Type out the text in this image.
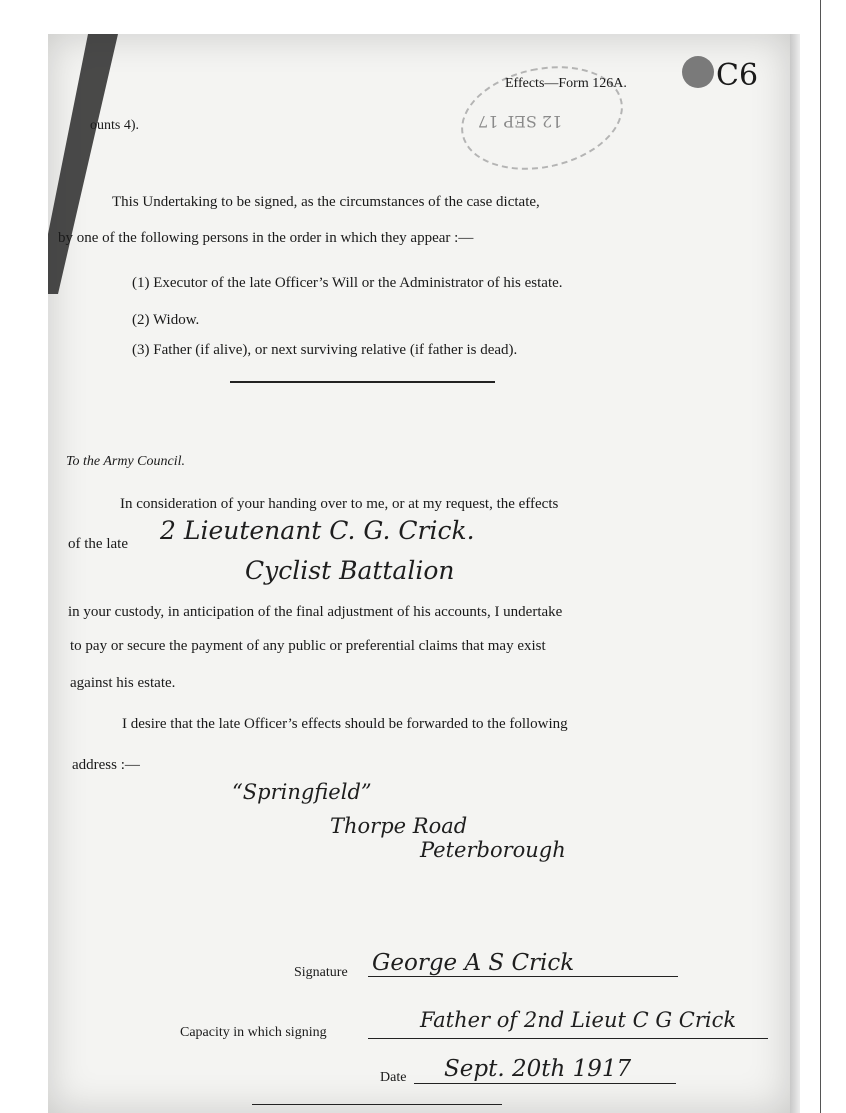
12 SEP 17
Effects—Form 126A.	C6
ounts 4).
This Undertaking to be signed, as the circumstances of the case dictate,
by one of the following persons in the order in which they appear :—
(1) Executor of the late Officer’s Will or the Administrator of his estate.
(2) Widow.
(3) Father (if alive), or next surviving relative (if father is dead).
To the Army Council.
In consideration of your handing over to me, or at my request, the effects
of the late 2 Lieutenant C. G. Crick.
Cyclist Battalion
in your custody, in anticipation of the final adjustment of his accounts, I undertake
to pay or secure the payment of any public or preferential claims that may exist
against his estate.
I desire that the late Officer’s effects should be forwarded to the following
address :—
“Springfield”
Thorpe Road
Peterborough
Signature George A S Crick
Capacity in which signing
Father of 2nd Lieut C G Crick
Date Sept. 20th 1917
